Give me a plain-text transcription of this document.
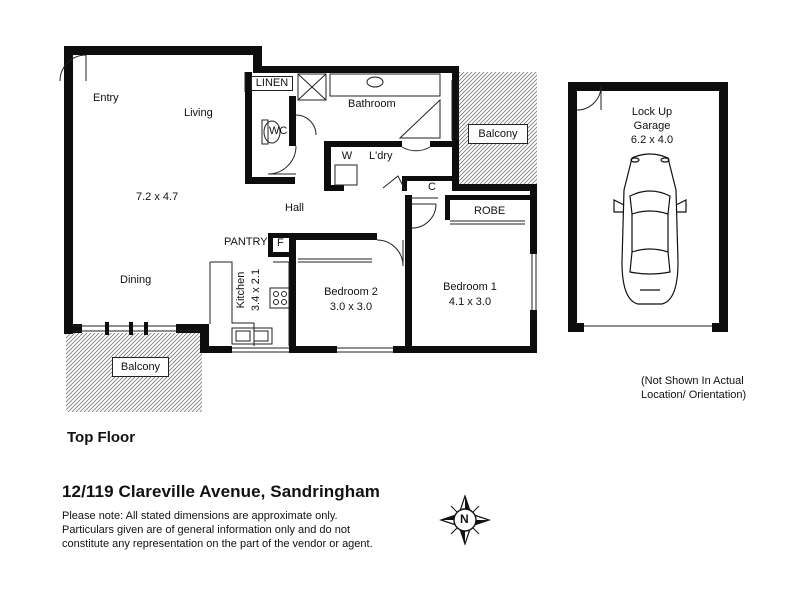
Entry
Living
7.2 x 4.7
Dining
LINEN
WC
Bathroom
Balcony
W	L'dry
C
Hall	ROBE
PANTRY F
Kitchen 3.4 x 2.1	Bedroom 2
3.0 x 3.0
Bedroom 1
4.1 x 3.0
Balcony
Lock Up
Garage
6.2 x 4.0
(Not Shown In Actual
Location/ Orientation)
Top Floor
12/119 Clareville Avenue, Sandringham
Please note: All stated dimensions are approximate only.
Particulars given are of general information only and do not
constitute any representation on the part of the vendor or agent.
N
